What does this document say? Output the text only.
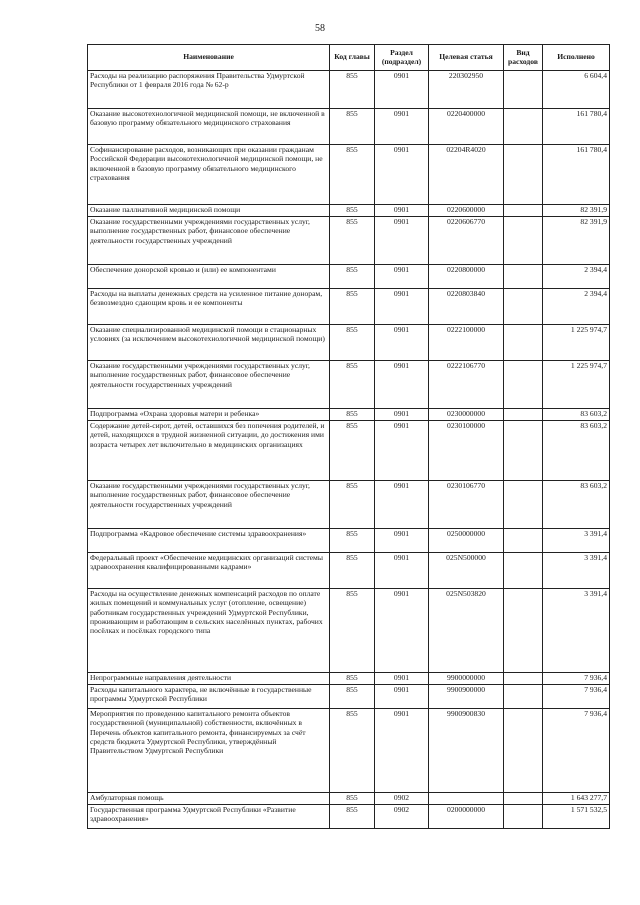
58
Наименование	Код главы	Раздел (подраздел)	Целевая статья	Вид расходов	Исполнено
Расходы на реализацию распоряжения Правительства Удмуртской Республики от 1 февраля 2016 года № 62-р	855	0901	220302950		6 604,4
Оказание высокотехнологичной медицинской помощи, не включенной в базовую программу обязательного медицинского страхования	855	0901	0220400000		161 780,4
Софинансирование расходов, возникающих при оказании гражданам Российской Федерации высокотехнологичной медицинской помощи, не включенной в базовую программу обязательного медицинского страхования	855	0901	02204R4020		161 780,4
Оказание паллиативной медицинской помощи	855	0901	0220600000		82 391,9
Оказание государственными учреждениями государственных услуг, выполнение государственных работ, финансовое обеспечение деятельности государственных учреждений	855	0901	0220606770		82 391,9
Обеспечение донорской кровью и (или) ее компонентами	855	0901	0220800000		2 394,4
Расходы на выплаты денежных средств на усиленное питание донорам, безвозмездно сдающим кровь и ее компоненты	855	0901	0220803840		2 394,4
Оказание специализированной медицинской помощи в стационарных условиях (за исключением высокотехнологичной медицинской помощи)	855	0901	0222100000		1 225 974,7
Оказание государственными учреждениями государственных услуг, выполнение государственных работ, финансовое обеспечение деятельности государственных учреждений	855	0901	0222106770		1 225 974,7
Подпрограмма «Охрана здоровья матери и ребенка»	855	0901	0230000000		83 603,2
Содержание детей-сирот, детей, оставшихся без попечения родителей, и детей, находящихся в трудной жизненной ситуации, до достижения ими возраста четырех лет включительно в медицинских организациях	855	0901	0230100000		83 603,2
Оказание государственными учреждениями государственных услуг, выполнение государственных работ, финансовое обеспечение деятельности государственных учреждений	855	0901	0230106770		83 603,2
Подпрограмма «Кадровое обеспечение системы здравоохранения»	855	0901	0250000000		3 391,4
Федеральный проект «Обеспечение медицинских организаций системы здравоохранения квалифицированными кадрами»	855	0901	025N500000		3 391,4
Расходы на осуществление денежных компенсаций расходов по оплате жилых помещений и коммунальных услуг (отопление, освещение) работникам государственных учреждений Удмуртской Республики, проживающим и работающим в сельских населённых пунктах, рабочих посёлках и посёлках городского типа	855	0901	025N503820		3 391,4
Непрограммные направления деятельности	855	0901	9900000000		7 936,4
Расходы капитального характера, не включённые в государственные программы Удмуртской Республики	855	0901	9900900000		7 936,4
Мероприятия по проведению капитального ремонта объектов государственной (муниципальной) собственности, включённых в Перечень объектов капитального ремонта, финансируемых за счёт средств бюджета Удмуртской Республики, утверждённый Правительством Удмуртской Республики	855	0901	9900900830		7 936,4
Амбулаторная помощь	855	0902			1 643 277,7
Государственная программа Удмуртской Республики «Развитие здравоохранения»	855	0902	0200000000		1 571 532,5
